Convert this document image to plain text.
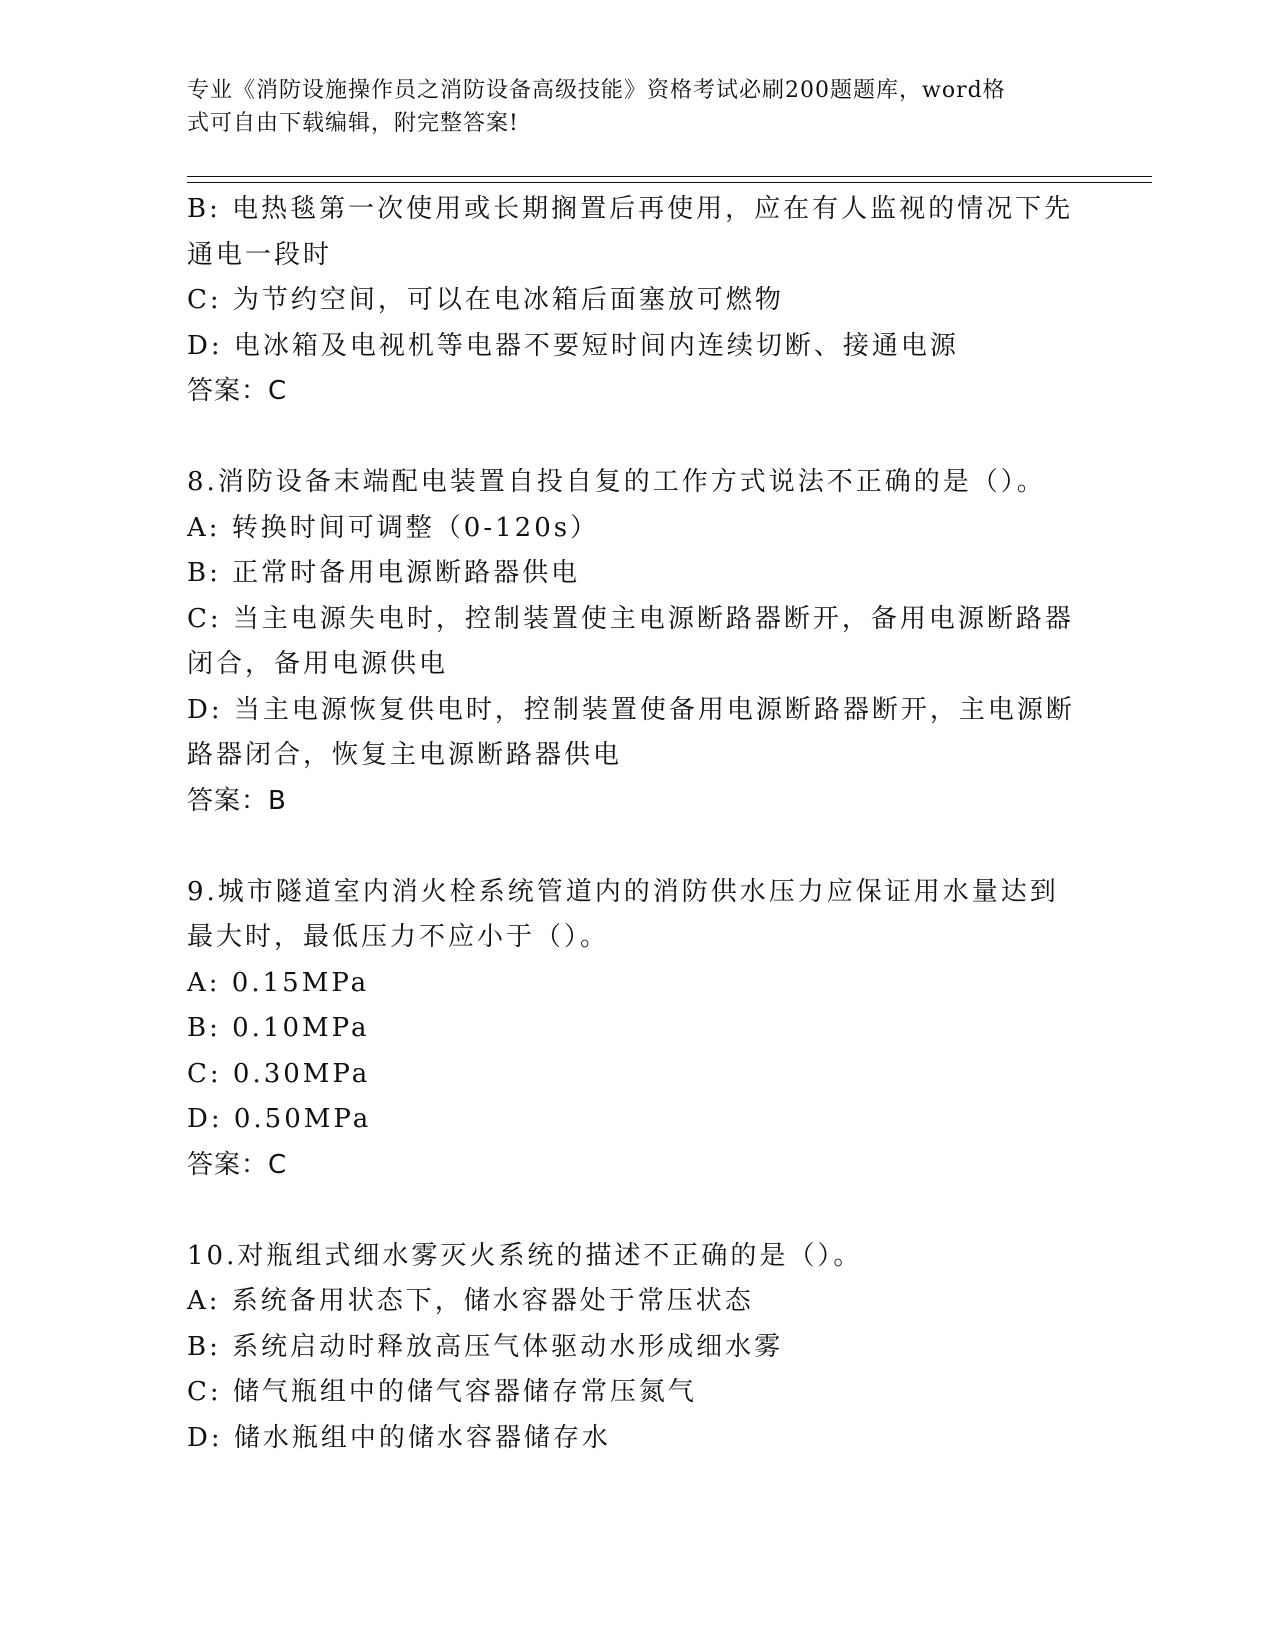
专业《消防设施操作员之消防设备高级技能》资格考试必刷200题题库，word格
式可自由下载编辑，附完整答案!

B: 电热毯第一次使用或长期搁置后再使用，应在有人监视的情况下先

通电一段时

C: 为节约空间，可以在电冰箱后面塞放可燃物

D: 电冰箱及电视机等电器不要短时间内连续切断、接通电源

答案：C

8.消防设备末端配电装置自投自复的工作方式说法不正确的是（）。

A: 转换时间可调整（0-120s）

B: 正常时备用电源断路器供电

C: 当主电源失电时，控制装置使主电源断路器断开，备用电源断路器

闭合，备用电源供电

D: 当主电源恢复供电时，控制装置使备用电源断路器断开，主电源断

路器闭合，恢复主电源断路器供电

答案：B

9.城市隧道室内消火栓系统管道内的消防供水压力应保证用水量达到

最大时，最低压力不应小于（）。

A: 0.15MPa

B: 0.10MPa

C: 0.30MPa

D: 0.50MPa

答案：C

10.对瓶组式细水雾灭火系统的描述不正确的是（）。

A: 系统备用状态下，储水容器处于常压状态

B: 系统启动时释放高压气体驱动水形成细水雾

C: 储气瓶组中的储气容器储存常压氮气

D: 储水瓶组中的储水容器储存水
